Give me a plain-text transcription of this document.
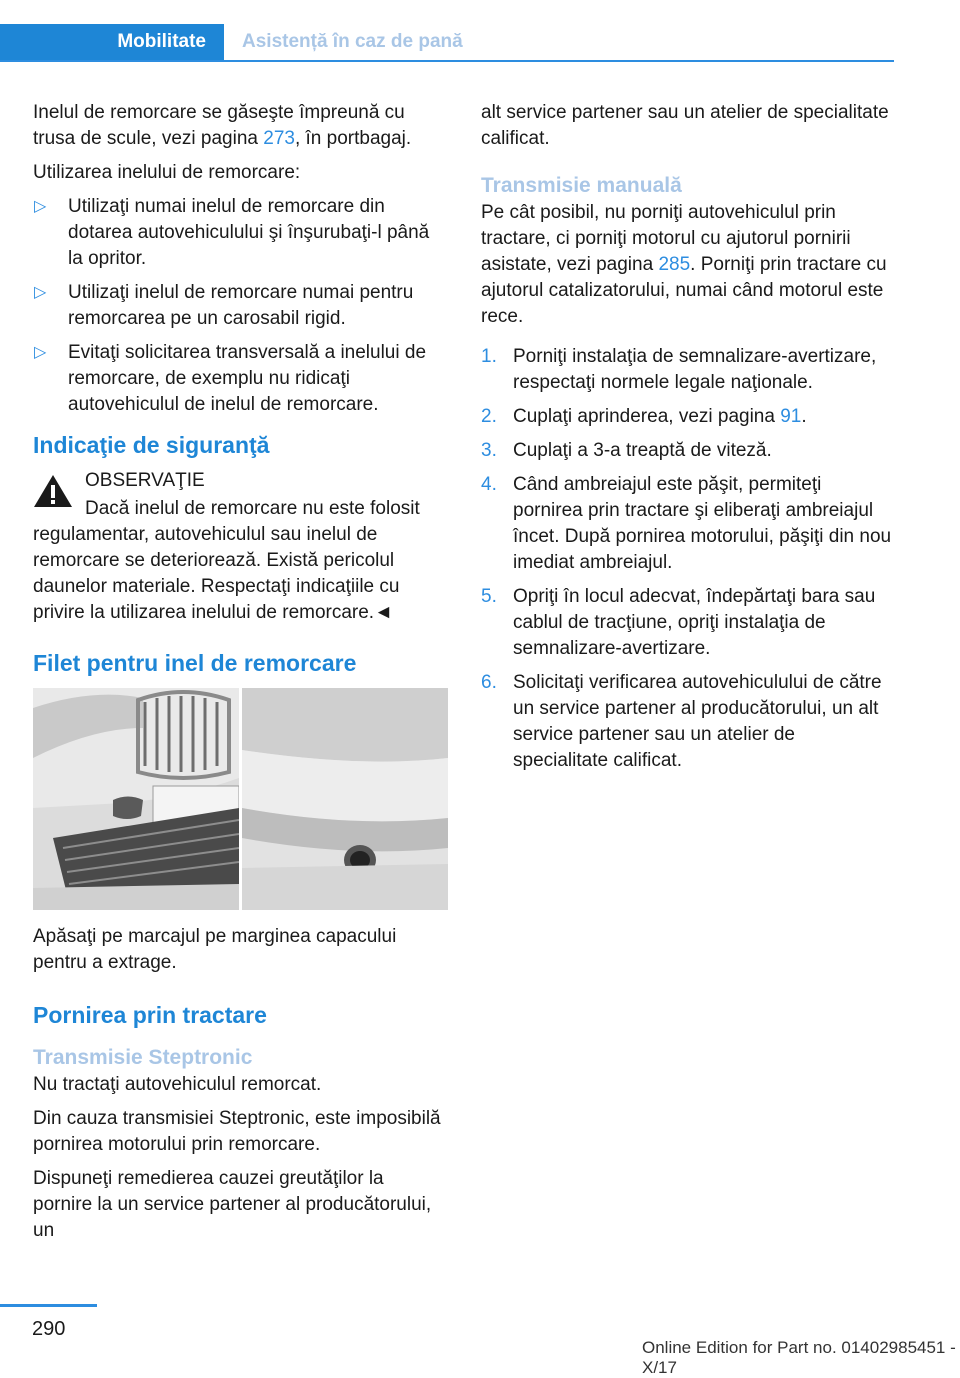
Mobilitate	Asistență în caz de pană

Inelul de remorcare se găseşte împreună cu trusa de scule, vezi pagina 273, în portbagaj.

Utilizarea inelului de remorcare:

▷ Utilizaţi numai inelul de remorcare din dotarea autovehiculului şi înşurubaţi-l până la opritor.
▷ Utilizaţi inelul de remorcare numai pentru remorcarea pe un carosabil rigid.
▷ Evitaţi solicitarea transversală a inelului de remorcare, de exemplu nu ridicaţi autovehiculul de inelul de remorcare.
Indicaţie de siguranţă
OBSERVAŢIE
Dacă inelul de remorcare nu este folosit regulamentar, autovehiculul sau inelul de remorcare se deteriorează. Există pericolul daunelor materiale. Respectaţi indicaţiile cu privire la utilizarea inelului de remorcare.◄
Filet pentru inel de remorcare

Apăsaţi pe marcajul pe marginea capacului pentru a extrage.

Pornirea prin tractare
Transmisie Steptronic

Nu tractaţi autovehiculul remorcat.

Din cauza transmisiei Steptronic, este imposibilă pornirea motorului prin remorcare.

Dispuneţi remedierea cauzei greutăţilor la pornire la un service partener al producătorului, un

alt service partener sau un atelier de specialitate calificat.

Transmisie manuală

Pe cât posibil, nu porniţi autovehiculul prin tractare, ci porniţi motorul cu ajutorul pornirii asistate, vezi pagina 285. Porniţi prin tractare cu ajutorul catalizatorului, numai când motorul este rece.

1. Porniţi instalaţia de semnalizare-avertizare, respectaţi normele legale naţionale.
2. Cuplaţi aprinderea, vezi pagina 91.
3. Cuplaţi a 3-a treaptă de viteză.
4. Când ambreiajul este păşit, permiteţi pornirea prin tractare şi eliberaţi ambreiajul încet. După pornirea motorului, păşiţi din nou imediat ambreiajul.
5. Opriţi în locul adecvat, îndepărtaţi bara sau cablul de tracţiune, opriţi instalaţia de semnalizare-avertizare.
6. Solicitaţi verificarea autovehiculului de către un service partener al producătorului, un alt service partener sau un atelier de specialitate calificat.
290
Online Edition for Part no. 01402985451 - X/17
